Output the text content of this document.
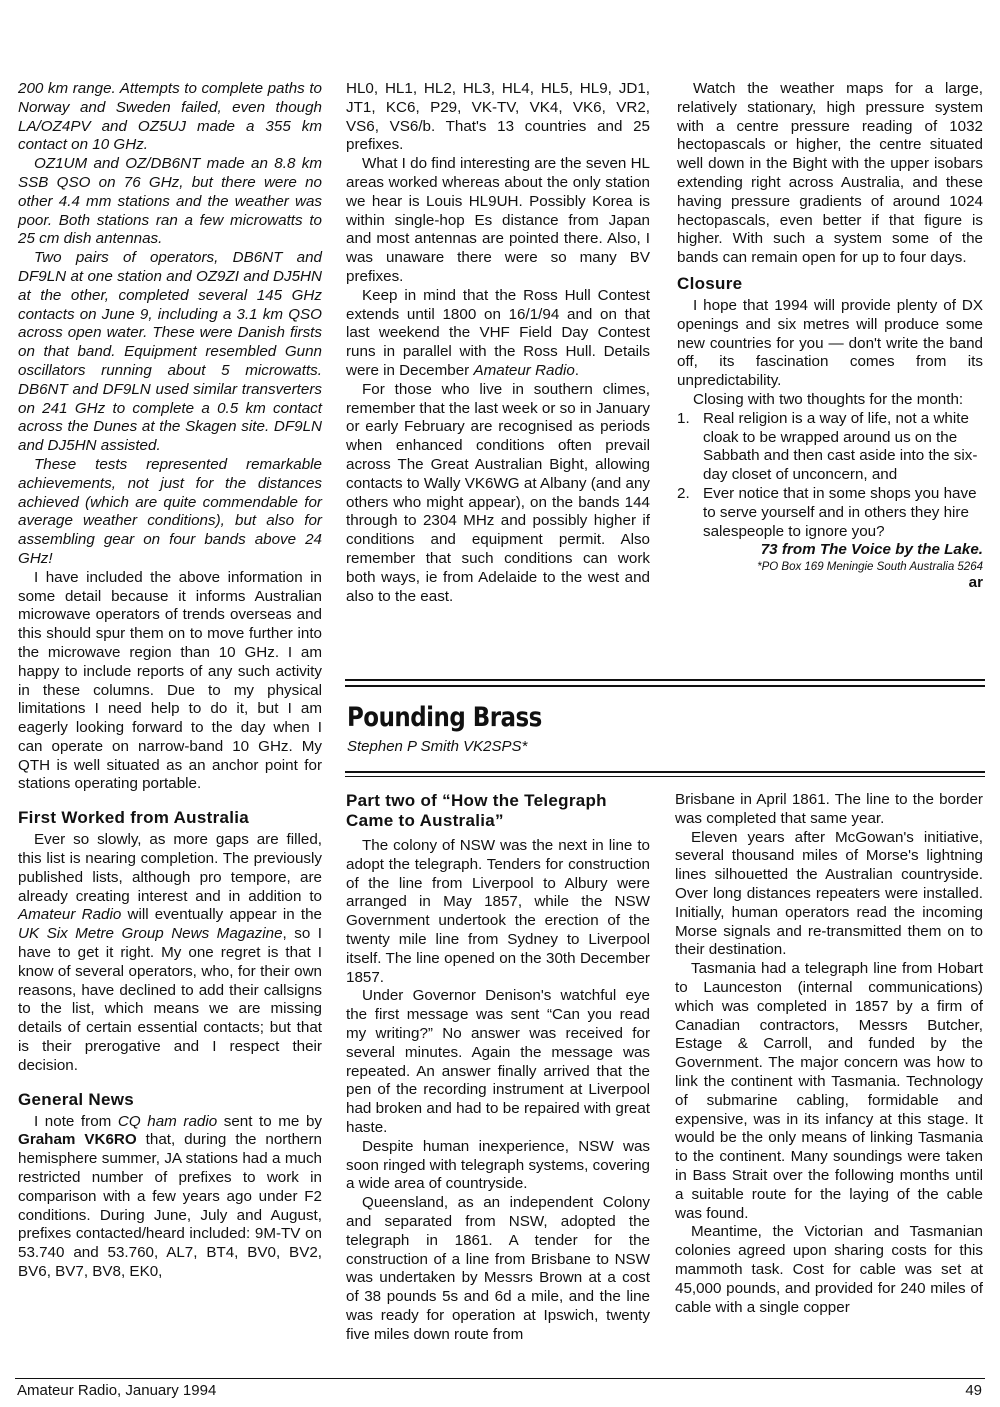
200 km range. Attempts to complete paths to Norway and Sweden failed, even though LA/OZ4PV and OZ5UJ made a 355 km contact on 10 GHz.

OZ1UM and OZ/DB6NT made an 8.8 km SSB QSO on 76 GHz, but there were no other 4.4 mm stations and the weather was poor. Both stations ran a few microwatts to 25 cm dish antennas.

Two pairs of operators, DB6NT and DF9LN at one station and OZ9ZI and DJ5HN at the other, completed several 145 GHz contacts on June 9, including a 3.1 km QSO across open water. These were Danish firsts on that band. Equipment resembled Gunn oscillators running about 5 microwatts. DB6NT and DF9LN used similar transverters on 241 GHz to complete a 0.5 km contact across the Dunes at the Skagen site. DF9LN and DJ5HN assisted.

These tests represented remarkable achievements, not just for the distances achieved (which are quite commendable for average weather conditions), but also for assembling gear on four bands above 24 GHz!

I have included the above information in some detail because it informs Australian microwave operators of trends overseas and this should spur them on to move further into the microwave region than 10 GHz. I am happy to include reports of any such activity in these columns. Due to my physical limitations I need help to do it, but I am eagerly looking forward to the day when I can operate on narrow-band 10 GHz. My QTH is well situated as an anchor point for stations operating portable.

First Worked from Australia

Ever so slowly, as more gaps are filled, this list is nearing completion. The previously published lists, although pro tempore, are already creating interest and in addition to Amateur Radio will eventually appear in the UK Six Metre Group News Magazine, so I have to get it right. My one regret is that I know of several operators, who, for their own reasons, have declined to add their callsigns to the list, which means we are missing details of certain essential contacts; but that is their prerogative and I respect their decision.

General News

I note from CQ ham radio sent to me by Graham VK6RO that, during the northern hemisphere summer, JA stations had a much restricted number of prefixes to work in comparison with a few years ago under F2 conditions. During June, July and August, prefixes contacted/heard included: 9M-TV on 53.740 and 53.760, AL7, BT4, BV0, BV2, BV6, BV7, BV8, EK0,

HL0, HL1, HL2, HL3, HL4, HL5, HL9, JD1, JT1, KC6, P29, VK-TV, VK4, VK6, VR2, VS6, VS6/b. That's 13 countries and 25 prefixes.

What I do find interesting are the seven HL areas worked whereas about the only station we hear is Louis HL9UH. Possibly Korea is within single-hop Es distance from Japan and most antennas are pointed there. Also, I was unaware there were so many BV prefixes.

Keep in mind that the Ross Hull Contest extends until 1800 on 16/1/94 and on that last weekend the VHF Field Day Contest runs in parallel with the Ross Hull. Details were in December Amateur Radio.

For those who live in southern climes, remember that the last week or so in January or early February are recognised as periods when enhanced conditions often prevail across The Great Australian Bight, allowing contacts to Wally VK6WG at Albany (and any others who might appear), on the bands 144 through to 2304 MHz and possibly higher if conditions and equipment permit. Also remember that such conditions can work both ways, ie from Adelaide to the west and also to the east.

Watch the weather maps for a large, relatively stationary, high pressure system with a centre pressure reading of 1032 hectopascals or higher, the centre situated well down in the Bight with the upper isobars extending right across Australia, and these having pressure gradients of around 1024 hectopascals, even better if that figure is higher. With such a system some of the bands can remain open for up to four days.

Closure

I hope that 1994 will provide plenty of DX openings and six metres will produce some new countries for you — don't write the band off, its fascination comes from its unpredictability.

Closing with two thoughts for the month:

1. Real religion is a way of life, not a white cloak to be wrapped around us on the Sabbath and then cast aside into the six-day closet of unconcern, and
2. Ever notice that in some shops you have to serve yourself and in others they hire salespeople to ignore you?
73 from The Voice by the Lake.
*PO Box 169 Meningie South Australia 5264
ar
Pounding Brass
Stephen P Smith VK2SPS*
Part two of “How the Telegraph Came to Australia”

The colony of NSW was the next in line to adopt the telegraph. Tenders for construction of the line from Liverpool to Albury were arranged in May 1857, while the NSW Government undertook the erection of the twenty mile line from Sydney to Liverpool itself. The line opened on the 30th December 1857.

Under Governor Denison's watchful eye the first message was sent “Can you read my writing?” No answer was received for several minutes. Again the message was repeated. An answer finally arrived that the pen of the recording instrument at Liverpool had broken and had to be repaired with great haste.

Despite human inexperience, NSW was soon ringed with telegraph systems, covering a wide area of countryside.

Queensland, as an independent Colony and separated from NSW, adopted the telegraph in 1861. A tender for the construction of a line from Brisbane to NSW was undertaken by Messrs Brown at a cost of 38 pounds 5s and 6d a mile, and the line was ready for operation at Ipswich, twenty five miles down route from

Brisbane in April 1861. The line to the border was completed that same year.

Eleven years after McGowan's initiative, several thousand miles of Morse's lightning lines silhouetted the Australian countryside. Over long distances repeaters were installed. Initially, human operators read the incoming Morse signals and re-transmitted them on to their destination.

Tasmania had a telegraph line from Hobart to Launceston (internal communications) which was completed in 1857 by a firm of Canadian contractors, Messrs Butcher, Estage & Carroll, and funded by the Government. The major concern was how to link the continent with Tasmania. Technology of submarine cabling, formidable and expensive, was in its infancy at this stage. It would be the only means of linking Tasmania to the continent. Many soundings were taken in Bass Strait over the following months until a suitable route for the laying of the cable was found.

Meantime, the Victorian and Tasmanian colonies agreed upon sharing costs for this mammoth task. Cost for cable was set at 45,000 pounds, and provided for 240 miles of cable with a single copper

Amateur Radio, January 1994	49
